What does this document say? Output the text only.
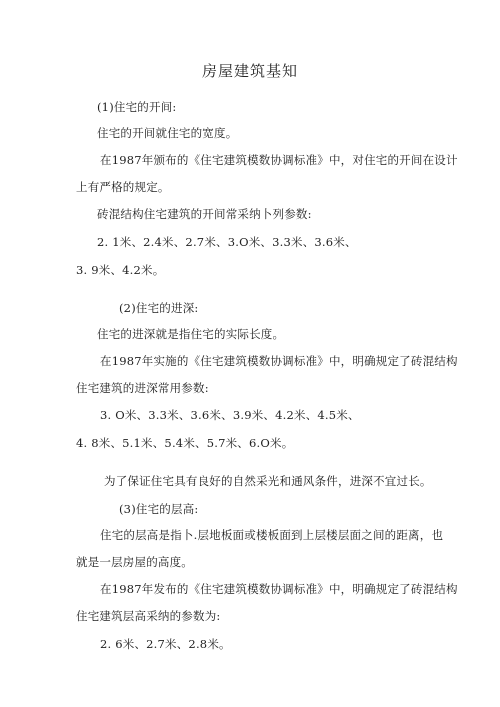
房屋建筑基知
(1)住宅的开间:
住宅的开间就住宅的宽度。
在1987年颁布的《住宅建筑模数协调标准》中，对住宅的开间在设计
上有严格的规定。
砖混结构住宅建筑的开间常采纳卜列参数:
2. 1米、2.4米、2.7米、3.O米、3.3米、3.6米、
3. 9米、4.2米。
(2)住宅的进深:
住宅的进深就是指住宅的实际长度。
在1987年实施的《住宅建筑模数协调标准》中，明确规定了砖混结构
住宅建筑的进深常用参数:
3. O米、3.3米、3.6米、3.9米、4.2米、4.5米、
4. 8米、5.1米、5.4米、5.7米、6.O米。
为了保证住宅具有良好的自然采光和通风条件，进深不宜过长。
(3)住宅的层高:
住宅的层高是指卜.层地板面或楼板面到上层楼层面之间的距离，也
就是一层房屋的高度。
在1987年发布的《住宅建筑模数协调标准》中，明确规定了砖混结构
住宅建筑层高采纳的参数为:
2. 6米、2.7米、2.8米。
